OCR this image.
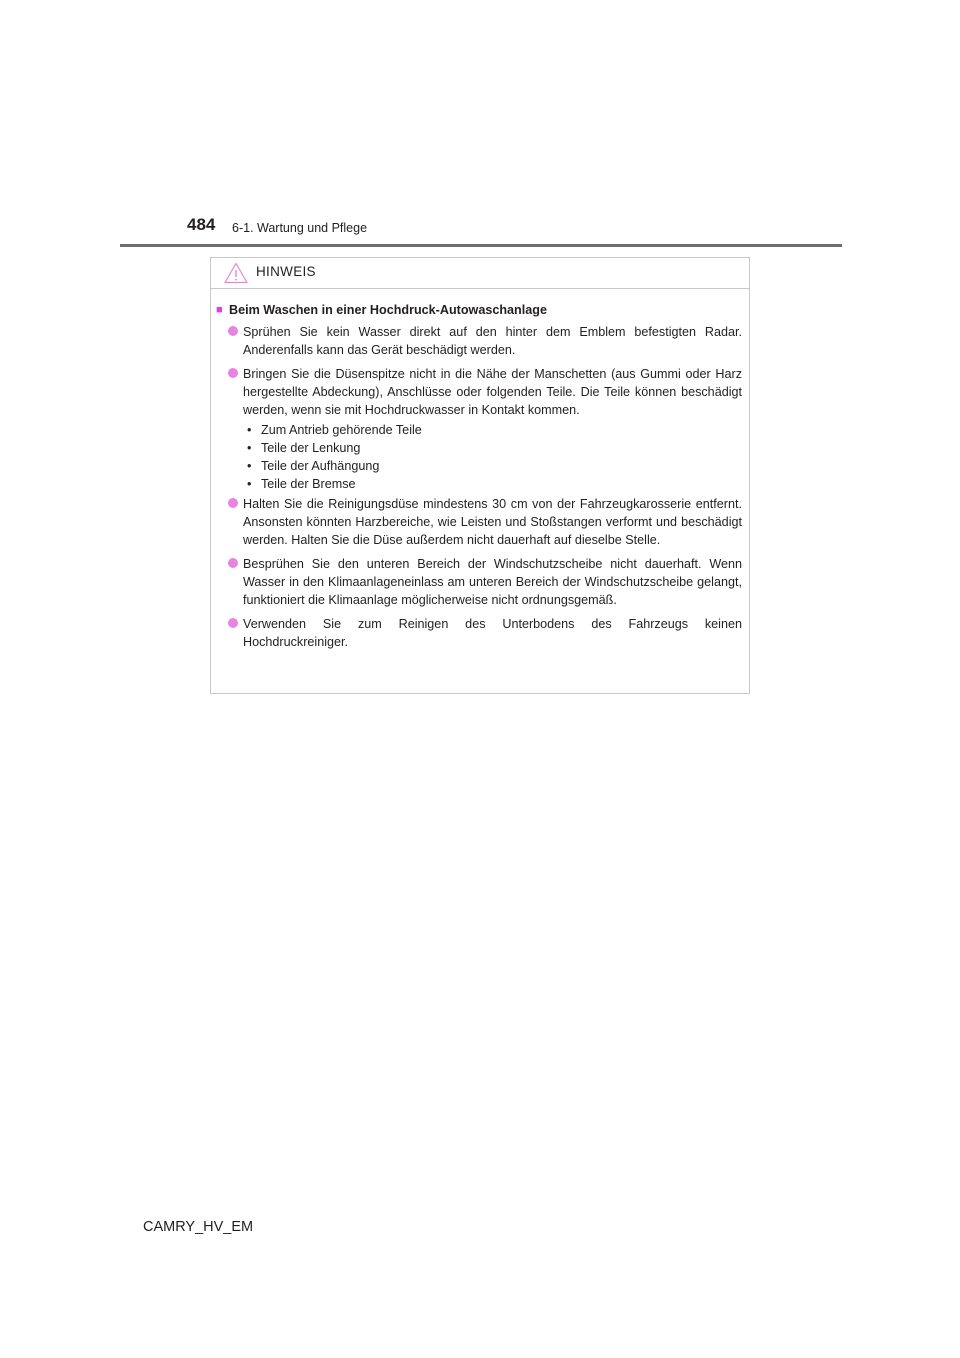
484 6-1. Wartung und Pflege
HINWEIS
■ Beim Waschen in einer Hochdruck-Autowaschanlage
Sprühen Sie kein Wasser direkt auf den hinter dem Emblem befestigten Radar. Anderenfalls kann das Gerät beschädigt werden.
Bringen Sie die Düsenspitze nicht in die Nähe der Manschetten (aus Gummi oder Harz hergestellte Abdeckung), Anschlüsse oder folgenden Teile. Die Teile können beschädigt werden, wenn sie mit Hochdruckwasser in Kontakt kommen.
• Zum Antrieb gehörende Teile
• Teile der Lenkung
• Teile der Aufhängung
• Teile der Bremse
Halten Sie die Reinigungsdüse mindestens 30 cm von der Fahrzeugkarosserie entfernt. Ansonsten könnten Harzbereiche, wie Leisten und Stoßstangen verformt und beschädigt werden. Halten Sie die Düse außerdem nicht dauerhaft auf dieselbe Stelle.
Besprühen Sie den unteren Bereich der Windschutzscheibe nicht dauerhaft. Wenn Wasser in den Klimaanlageneinlass am unteren Bereich der Windschutzscheibe gelangt, funktioniert die Klimaanlage möglicherweise nicht ordnungsgemäß.
Verwenden Sie zum Reinigen des Unterbodens des Fahrzeugs keinen Hochdruckreiniger.
CAMRY_HV_EM
